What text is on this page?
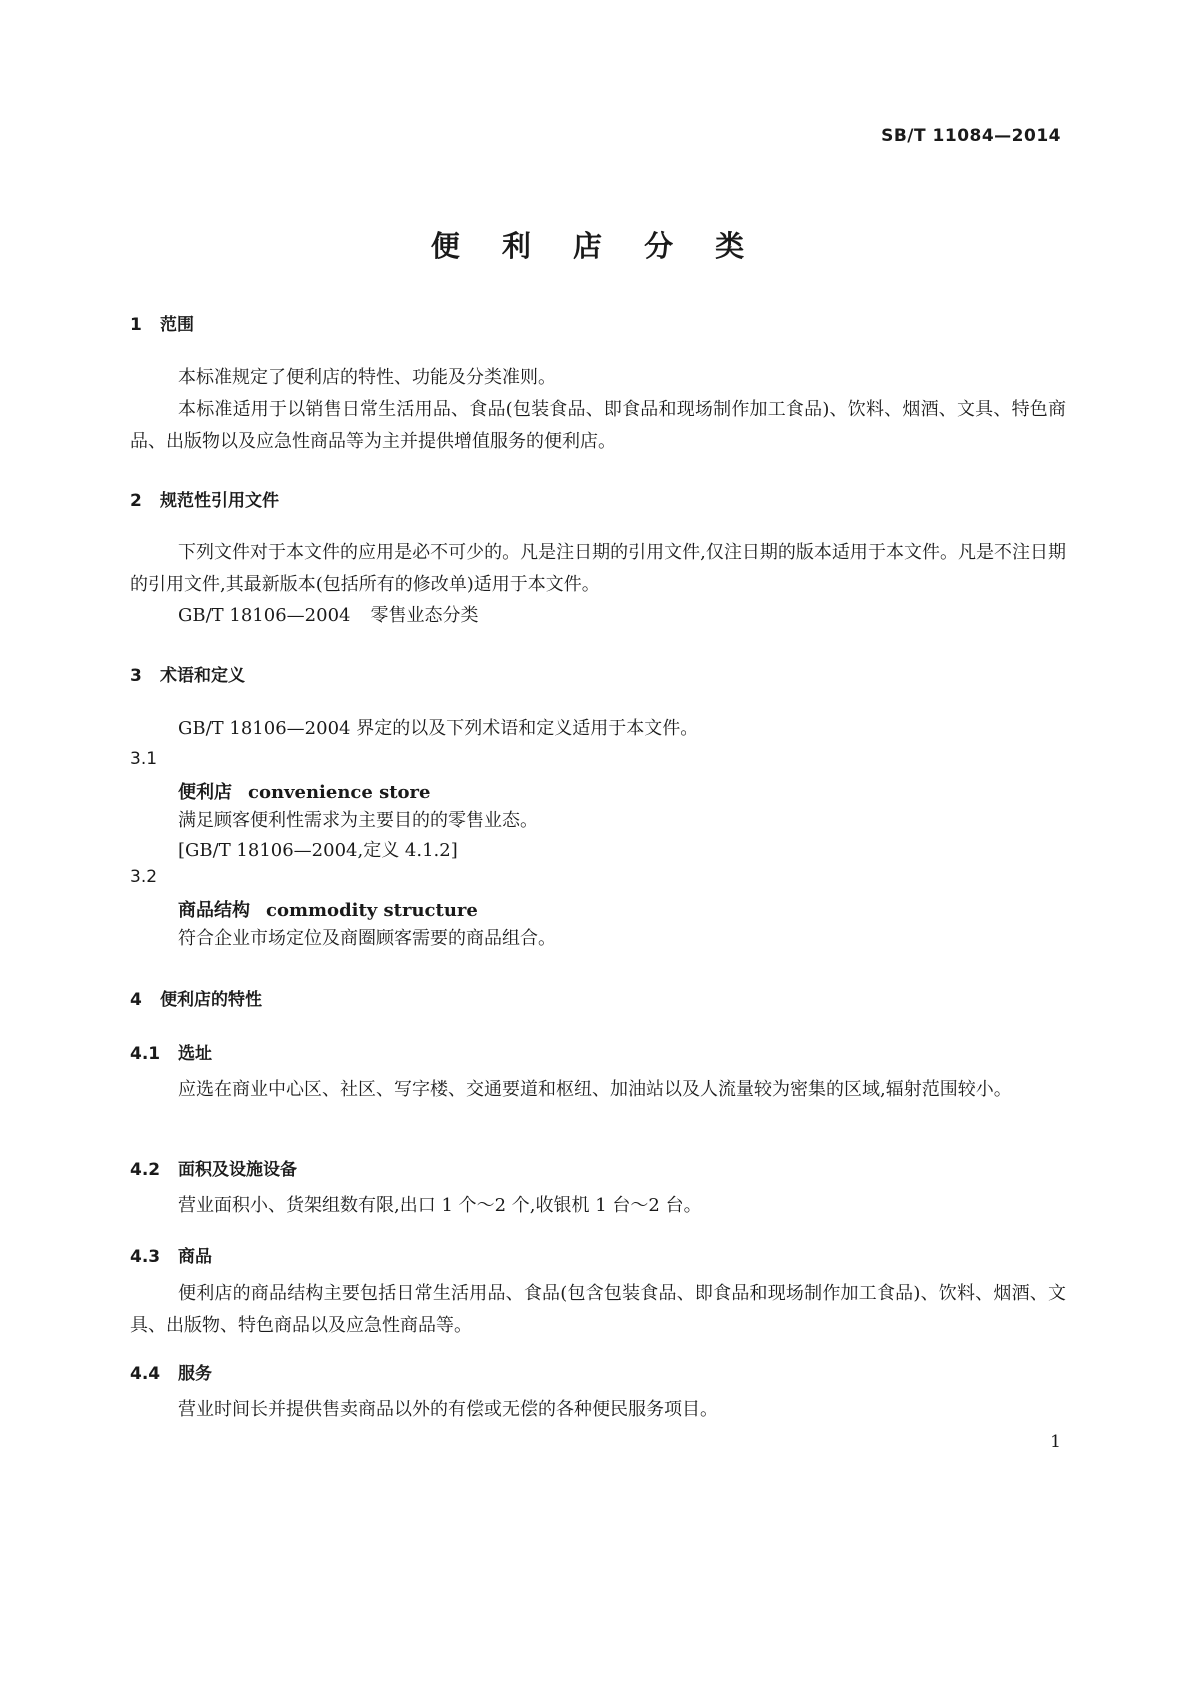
SB/T 11084—2014

便 利 店 分 类
1 范围

本标准规定了便利店的特性、功能及分类准则。

本标准适用于以销售日常生活用品、食品(包装食品、即食品和现场制作加工食品)、饮料、烟酒、文具、特色商品、出版物以及应急性商品等为主并提供增值服务的便利店。

2 规范性引用文件

下列文件对于本文件的应用是必不可少的。凡是注日期的引用文件,仅注日期的版本适用于本文件。凡是不注日期的引用文件,其最新版本(包括所有的修改单)适用于本文件。

GB/T 18106—2004 零售业态分类

3 术语和定义

GB/T 18106—2004 界定的以及下列术语和定义适用于本文件。

3.1

便利店 convenience store

满足顾客便利性需求为主要目的的零售业态。

[GB/T 18106—2004,定义 4.1.2]

3.2

商品结构 commodity structure

符合企业市场定位及商圈顾客需要的商品组合。

4 便利店的特性
4.1 选址

应选在商业中心区、社区、写字楼、交通要道和枢纽、加油站以及人流量较为密集的区域,辐射范围较小。

4.2 面积及设施设备

营业面积小、货架组数有限,出口 1 个～2 个,收银机 1 台～2 台。

4.3 商品

便利店的商品结构主要包括日常生活用品、食品(包含包装食品、即食品和现场制作加工食品)、饮料、烟酒、文具、出版物、特色商品以及应急性商品等。

4.4 服务

营业时间长并提供售卖商品以外的有偿或无偿的各种便民服务项目。

1
